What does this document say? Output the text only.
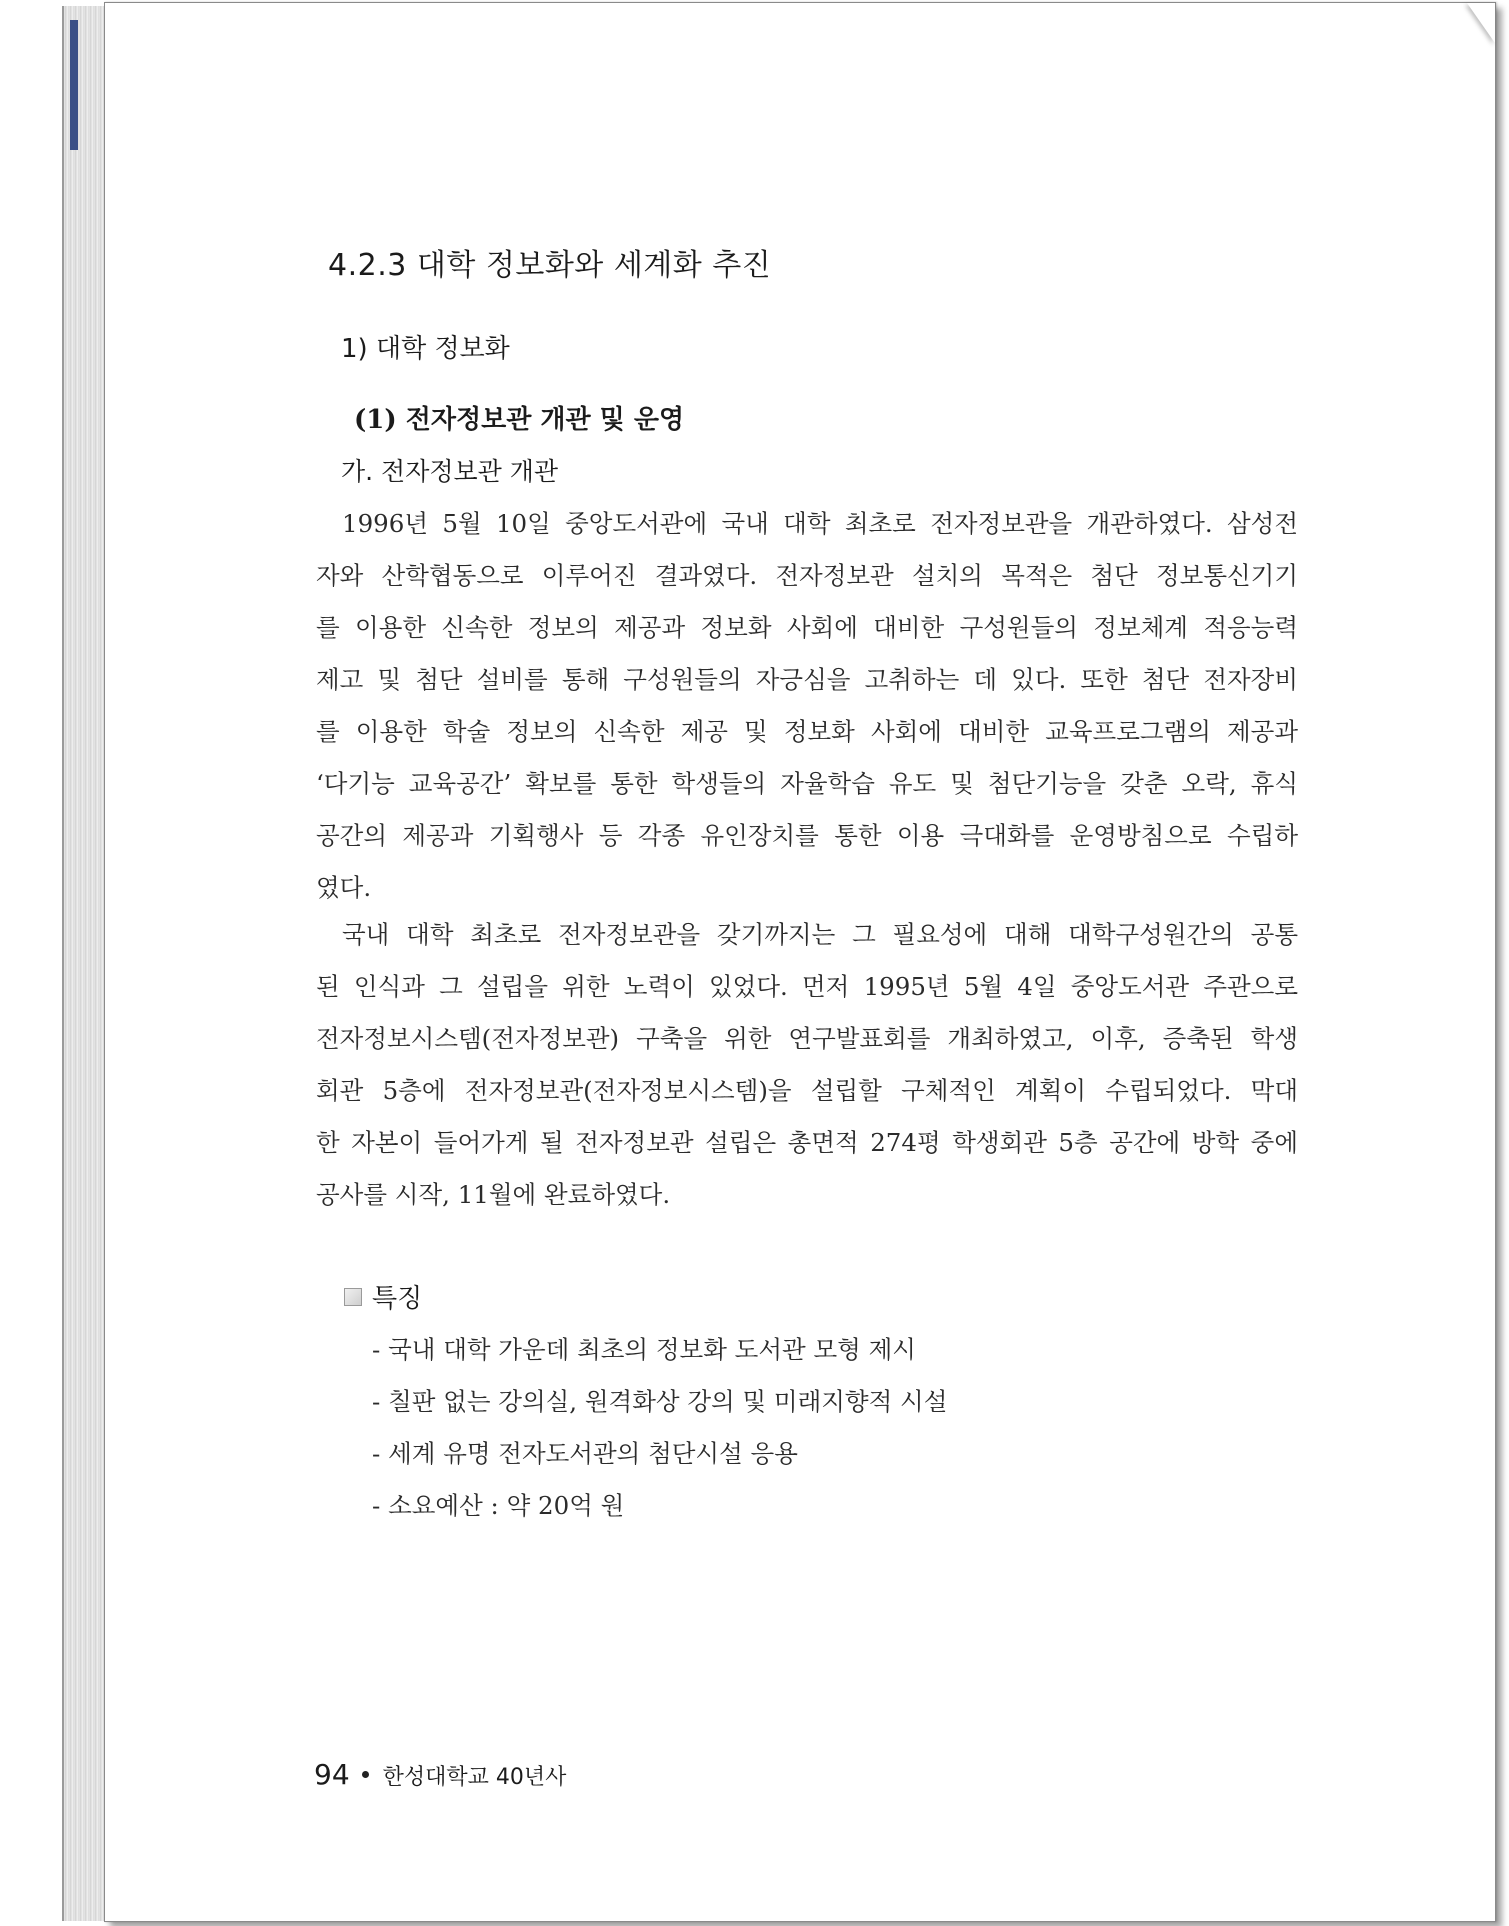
4.2.3 대학 정보화와 세계화 추진
1) 대학 정보화
(1) 전자정보관 개관 및 운영
가. 전자정보관 개관
1996년 5월 10일 중앙도서관에 국내 대학 최초로 전자정보관을 개관하였다. 삼성전
자와 산학협동으로 이루어진 결과였다. 전자정보관 설치의 목적은 첨단 정보통신기기
를 이용한 신속한 정보의 제공과 정보화 사회에 대비한 구성원들의 정보체계 적응능력
제고 및 첨단 설비를 통해 구성원들의 자긍심을 고취하는 데 있다. 또한 첨단 전자장비
를 이용한 학술 정보의 신속한 제공 및 정보화 사회에 대비한 교육프로그램의 제공과
‘다기능 교육공간’ 확보를 통한 학생들의 자율학습 유도 및 첨단기능을 갖춘 오락, 휴식
공간의 제공과 기획행사 등 각종 유인장치를 통한 이용 극대화를 운영방침으로 수립하
였다.
국내 대학 최초로 전자정보관을 갖기까지는 그 필요성에 대해 대학구성원간의 공통
된 인식과 그 설립을 위한 노력이 있었다. 먼저 1995년 5월 4일 중앙도서관 주관으로
전자정보시스템(전자정보관) 구축을 위한 연구발표회를 개최하였고, 이후, 증축된 학생
회관 5층에 전자정보관(전자정보시스템)을 설립할 구체적인 계획이 수립되었다. 막대
한 자본이 들어가게 될 전자정보관 설립은 총면적 274평 학생회관 5층 공간에 방학 중에
공사를 시작, 11월에 완료하였다.
특징
- 국내 대학 가운데 최초의 정보화 도서관 모형 제시
- 칠판 없는 강의실, 원격화상 강의 및 미래지향적 시설
- 세계 유명 전자도서관의 첨단시설 응용
- 소요예산 : 약 20억 원
94 한성대학교 40년사
